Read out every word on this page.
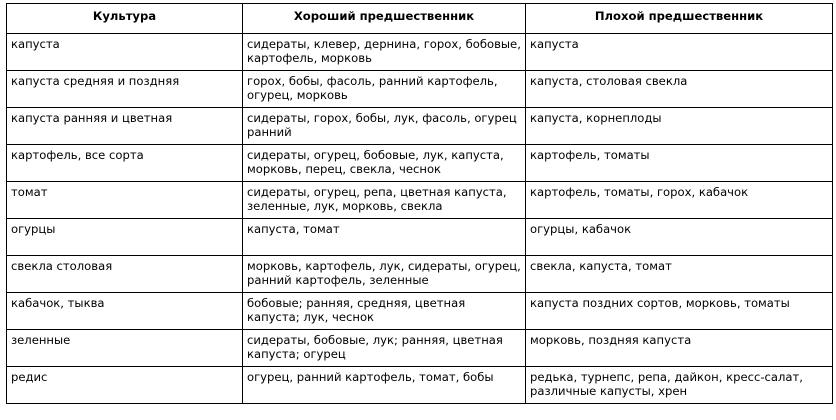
Культура	Хороший предшественник	Плохой предшественник
капуста	сидераты, клевер, дернина, горох, бобовые, картофель, морковь	капуста
капуста средняя и поздняя	горох, бобы, фасоль, ранний картофель, огурец, морковь	капуста, столовая свекла
капуста ранняя и цветная	сидераты, горох, бобы, лук, фасоль, огурец ранний	капуста, корнеплоды
картофель, все сорта	сидераты, огурец, бобовые, лук, капуста, морковь, перец, свекла, чеснок	картофель, томаты
томат	сидераты, огурец, репа, цветная капуста, зеленные, лук, морковь, свекла	картофель, томаты, горох, кабачок
огурцы	капуста, томат	огурцы, кабачок
свекла столовая	морковь, картофель, лук, сидераты, огурец, ранний картофель, зеленные	свекла, капуста, томат
кабачок, тыква	бобовые; ранняя, средняя, цветная капуста; лук, чеснок	капуста поздних сортов, морковь, томаты
зеленные	сидераты, бобовые, лук; ранняя, цветная капуста; огурец	морковь, поздняя капуста
редис	огурец, ранний картофель, томат, бобы	редька, турнепс, репа, дайкон, кресс-салат, различные капусты, хрен
